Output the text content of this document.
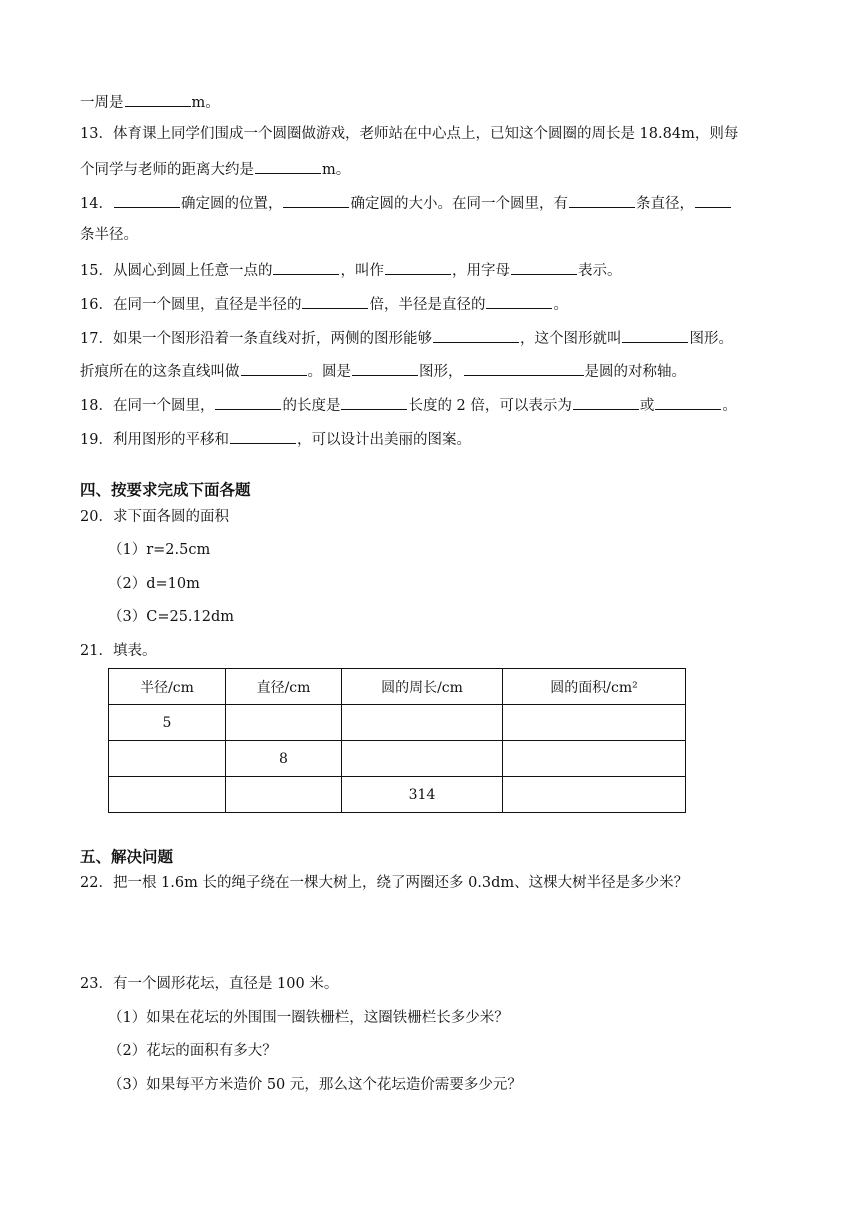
一周是	m。
13．体育课上同学们围成一个圆圈做游戏，老师站在中心点上，已知这个圆圈的周长是 18.84m，则每
个同学与老师的距离大约是	m。
14．	确定圆的位置，	确定圆的大小。在同一个圆里，有	条直径，
条半径。
15．从圆心到圆上任意一点的	，叫作	，用字母	表示。
16．在同一个圆里，直径是半径的	倍，半径是直径的	。
17．如果一个图形沿着一条直线对折，两侧的图形能够	，这个图形就叫	图形。
折痕所在的这条直线叫做	。圆是	图形，	是圆的对称轴。
18．在同一个圆里，	的长度是	长度的 2 倍，可以表示为	或	。
19．利用图形的平移和	，可以设计出美丽的图案。
四、按要求完成下面各题
20．求下面各圆的面积
（1）r=2.5cm
（2）d=10m
（3）C=25.12dm
21．填表。
半径/cm	直径/cm	圆的周长/cm	圆的面积/cm²
5			
	8		
		314	
五、解决问题
22．把一根 1.6m 长的绳子绕在一棵大树上，绕了两圈还多 0.3dm、这棵大树半径是多少米？
23．有一个圆形花坛，直径是 100 米。
（1）如果在花坛的外围围一圈铁栅栏，这圈铁栅栏长多少米？
（2）花坛的面积有多大？
（3）如果每平方米造价 50 元，那么这个花坛造价需要多少元？
